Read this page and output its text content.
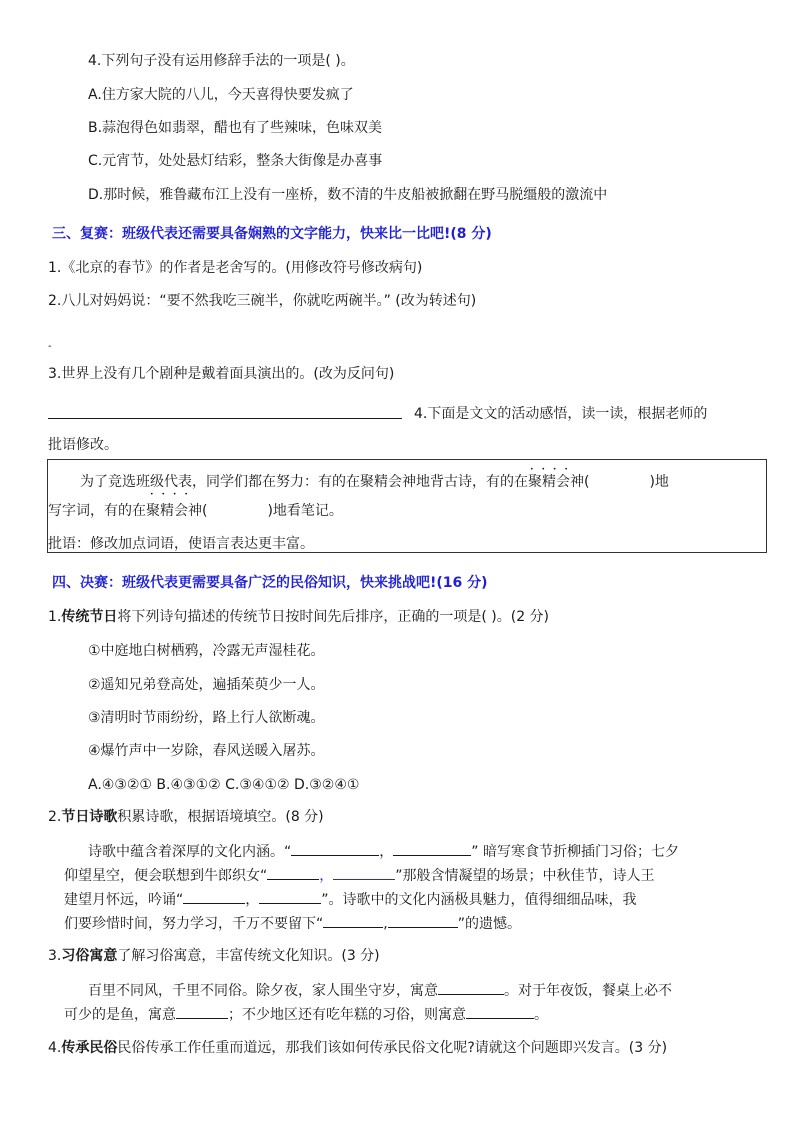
4.下列句子没有运用修辞手法的一项是( )。
A.住方家大院的八儿，今天喜得快要发疯了
B.蒜泡得色如翡翠，醋也有了些辣味，色味双美
C.元宵节，处处悬灯结彩，整条大街像是办喜事
D.那时候，雅鲁藏布江上没有一座桥，数不清的牛皮船被掀翻在野马脱缰般的激流中
三、复赛：班级代表还需要具备娴熟的文字能力，快来比一比吧!(8 分)
1.《北京的春节》的作者是老舍写的。(用修改符号修改病句)
2.八儿对妈妈说：“要不然我吃三碗半，你就吃两碗半。” (改为转述句)
-
3.世界上没有几个剧种是戴着面具演出的。(改为反问句)
4.下面是文文的活动感悟，读一读，根据老师的
批语修改。
为了竞选班级代表 • • • •，同学们都在努力：有的在聚精会神地背古诗，有的在• • • • 聚精会神(	)地
写字词，有的在聚精会神(	)地看笔记。
批语：修改加点词语，使语言表达更丰富。
四、决赛：班级代表更需要具备广泛的民俗知识，快来挑战吧!(16 分)
1.传统节日将下列诗句描述的传统节日按时间先后排序，正确的一项是( )。(2 分)
①中庭地白树栖鸦，冷露无声湿桂花。
②遥知兄弟登高处，遍插茱萸少一人。
③清明时节雨纷纷，路上行人欲断魂。
④爆竹声中一岁除，春风送暖入屠苏。
A.④③②① B.④③①② C.③④①② D.③②④①
2.节日诗歌积累诗歌，根据语境填空。(8 分)
诗歌中蕴含着深厚的文化内涵。“	，	” 暗写寒食节折柳插门习俗；七夕
仰望星空，便会联想到牛郎织女“	，	”那般含情凝望的场景；中秋佳节，诗人王
建望月怀远，吟诵“	，	”。诗歌中的文化内涵极具魅力，值得细细品味，我
们要珍惜时间，努力学习，千万不要留下“	,	”的遗憾。
3.习俗寓意了解习俗寓意，丰富传统文化知识。(3 分)
百里不同风，千里不同俗。除夕夜，家人围坐守岁，寓意	。对于年夜饭，餐桌上必不
可少的是鱼，寓意	；不少地区还有吃年糕的习俗，则寓意	。
4.传承民俗民俗传承工作任重而道远，那我们该如何传承民俗文化呢?请就这个问题即兴发言。(3 分)
